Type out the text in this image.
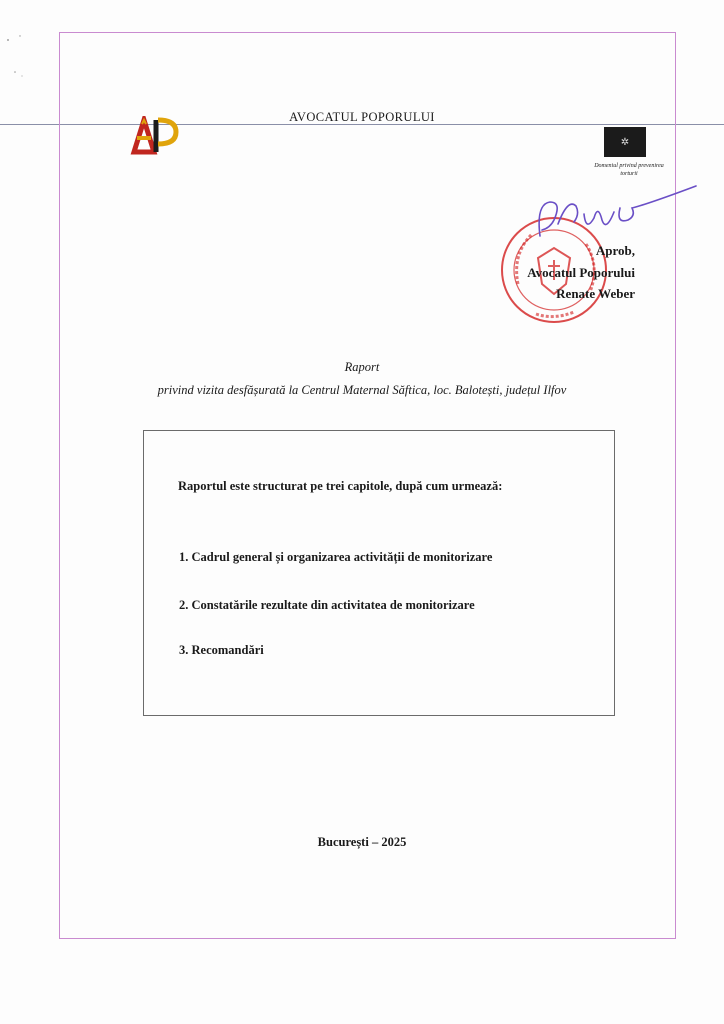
AVOCATUL POPORULUI
✲
Domeniul privind prevenirea torturii
Aprob,
Avocatul Poporului
Renate Weber
Raport
privind vizita desfășurată la Centrul Maternal Săftica, loc. Balotești, județul Ilfov
Raportul este structurat pe trei capitole, după cum urmează:
1. Cadrul general și organizarea activității de monitorizare
2. Constatările rezultate din activitatea de monitorizare
3. Recomandări
București – 2025
